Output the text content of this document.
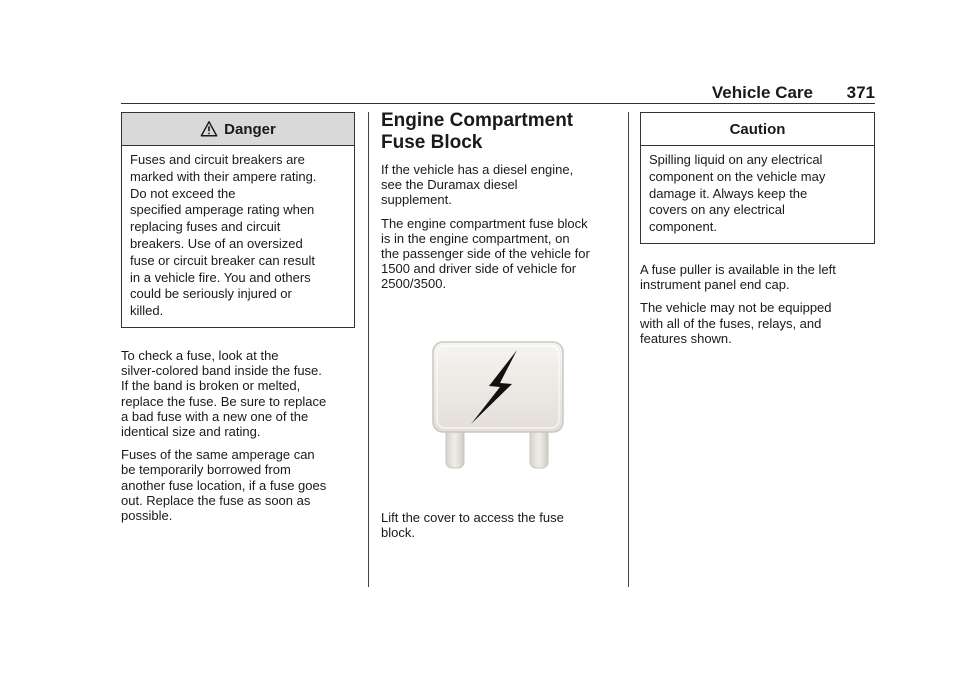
Vehicle Care 371
Danger
Fuses and circuit breakers are
marked with their ampere rating.
Do not exceed the
specified amperage rating when
replacing fuses and circuit
breakers. Use of an oversized
fuse or circuit breaker can result
in a vehicle fire. You and others
could be seriously injured or
killed.

To check a fuse, look at the
silver-colored band inside the fuse.
If the band is broken or melted,
replace the fuse. Be sure to replace
a bad fuse with a new one of the
identical size and rating.

Fuses of the same amperage can
be temporarily borrowed from
another fuse location, if a fuse goes
out. Replace the fuse as soon as
possible.

Engine Compartment
Fuse Block

If the vehicle has a diesel engine,
see the Duramax diesel
supplement.

The engine compartment fuse block
is in the engine compartment, on
the passenger side of the vehicle for
1500 and driver side of vehicle for
2500/3500.

Lift the cover to access the fuse
block.

Caution
Spilling liquid on any electrical
component on the vehicle may
damage it. Always keep the
covers on any electrical
component.

A fuse puller is available in the left
instrument panel end cap.

The vehicle may not be equipped
with all of the fuses, relays, and
features shown.
